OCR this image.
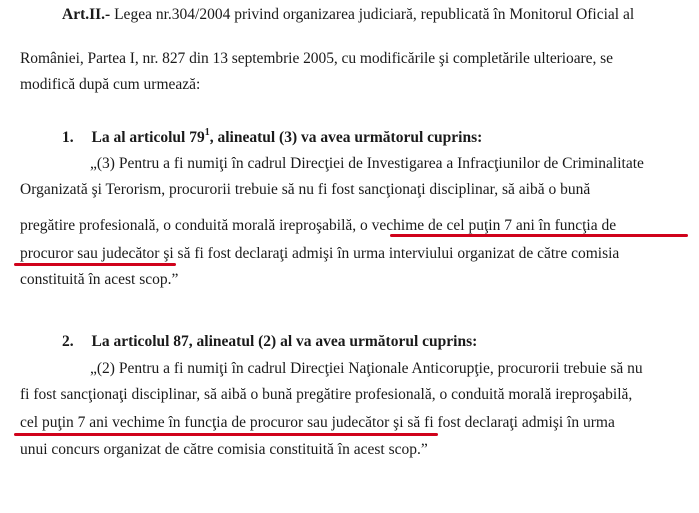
Art.II.- Legea nr.304/2004 privind organizarea judiciară, republicată în Monitorul Oficial al
României, Partea I, nr. 827 din 13 septembrie 2005, cu modificările şi completările ulterioare, se
modifică după cum urmează:
1. La al articolul $79^1$, alineatul (3) va avea următorul cuprins:
„(3) Pentru a fi numiţi în cadrul Direcţiei de Investigarea a Infracţiunilor de Criminalitate
Organizată şi Terorism, procurorii trebuie să nu fi fost sancţionaţi disciplinar, să aibă o bună
pregătire profesională, o conduită morală ireproşabilă, o vechime de cel puţin 7 ani în funcţia de
procuror sau judecător şi să fi fost declaraţi admişi în urma interviului organizat de către comisia
constituită în acest scop.”
2. La articolul 87, alineatul (2) al va avea următorul cuprins:
„(2) Pentru a fi numiţi în cadrul Direcţiei Naţionale Anticorupţie, procurorii trebuie să nu
fi fost sancţionaţi disciplinar, să aibă o bună pregătire profesională, o conduită morală ireproşabilă,
cel puţin 7 ani vechime în funcţia de procuror sau judecător şi să fi fost declaraţi admişi în urma
unui concurs organizat de către comisia constituită în acest scop.”
